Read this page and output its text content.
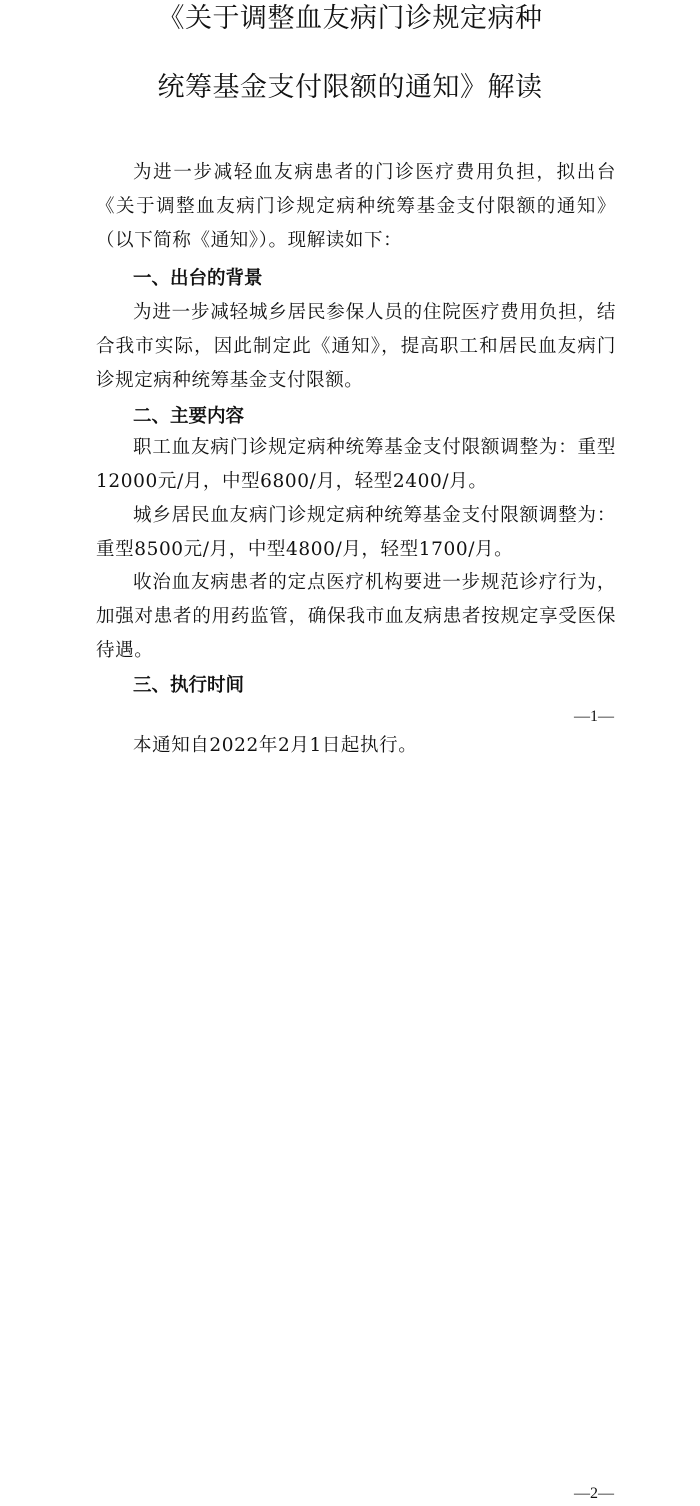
《关于调整血友病门诊规定病种
统筹基金支付限额的通知》解读

为进一步减轻血友病患者的门诊医疗费用负担，拟出台《关于调整血友病门诊规定病种统筹基金支付限额的通知》（以下简称《通知》）。现解读如下：

一、出台的背景

为进一步减轻城乡居民参保人员的住院医疗费用负担，结合我市实际，因此制定此《通知》，提高职工和居民血友病门诊规定病种统筹基金支付限额。

二、主要内容

职工血友病门诊规定病种统筹基金支付限额调整为：重型12000元/月，中型6800/月，轻型2400/月。

城乡居民血友病门诊规定病种统筹基金支付限额调整为：重型8500元/月，中型4800/月，轻型1700/月。

收治血友病患者的定点医疗机构要进一步规范诊疗行为，加强对患者的用药监管，确保我市血友病患者按规定享受医保待遇。

三、执行时间

—1—

本通知自2022年2月1日起执行。

—2—
